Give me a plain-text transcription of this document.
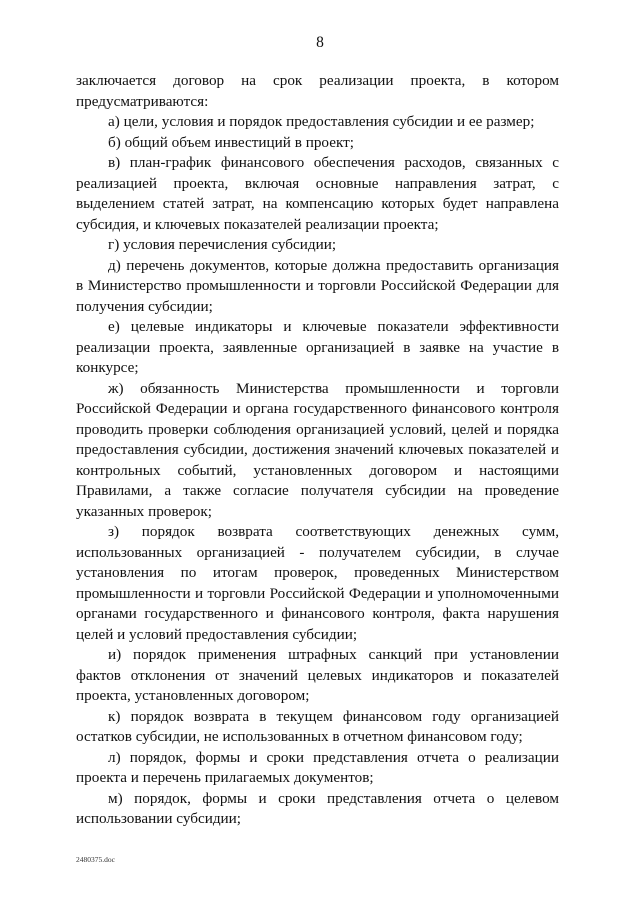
8

заключается договор на срок реализации проекта, в котором предусматриваются:

а) цели, условия и порядок предоставления субсидии и ее размер;

б) общий объем инвестиций в проект;

в) план-график финансового обеспечения расходов, связанных с реализацией проекта, включая основные направления затрат, с выделением статей затрат, на компенсацию которых будет направлена субсидия, и ключевых показателей реализации проекта;

г) условия перечисления субсидии;

д) перечень документов, которые должна предоставить организация в Министерство промышленности и торговли Российской Федерации для получения субсидии;

е) целевые индикаторы и ключевые показатели эффективности реализации проекта, заявленные организацией в заявке на участие в конкурсе;

ж) обязанность Министерства промышленности и торговли Российской Федерации и органа государственного финансового контроля проводить проверки соблюдения организацией условий, целей и порядка предоставления субсидии, достижения значений ключевых показателей и контрольных событий, установленных договором и настоящими Правилами, а также согласие получателя субсидии на проведение указанных проверок;

з) порядок возврата соответствующих денежных сумм, использованных организацией - получателем субсидии, в случае установления по итогам проверок, проведенных Министерством промышленности и торговли Российской Федерации и уполномоченными органами государственного и финансового контроля, факта нарушения целей и условий предоставления субсидии;

и) порядок применения штрафных санкций при установлении фактов отклонения от значений целевых индикаторов и показателей проекта, установленных договором;

к) порядок возврата в текущем финансовом году организацией остатков субсидии, не использованных в отчетном финансовом году;

л) порядок, формы и сроки представления отчета о реализации проекта и перечень прилагаемых документов;

м) порядок, формы и сроки представления отчета о целевом использовании субсидии;

2480375.doc
